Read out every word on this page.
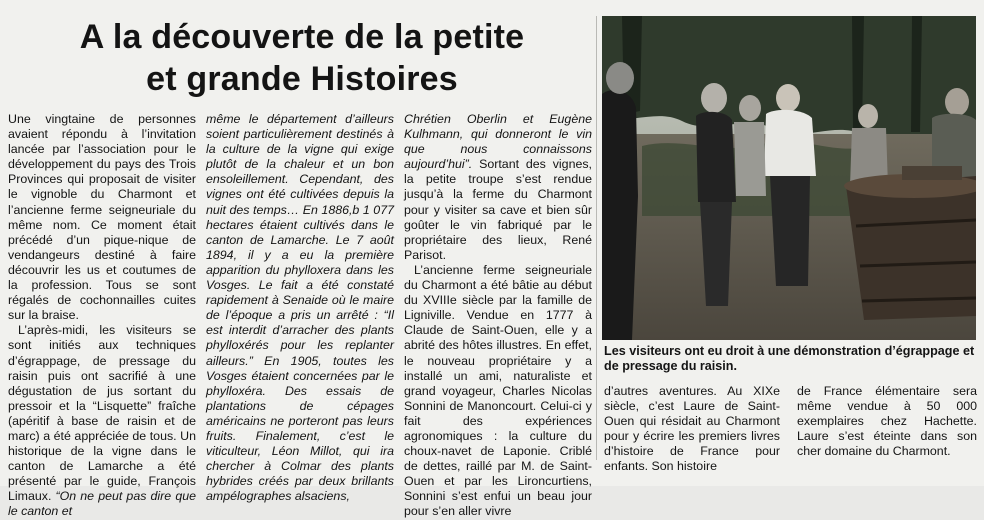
A la découverte de la petite
et grande Histoires

Une vingtaine de personnes avaient répondu à l’invitation lancée par l’association pour le développement du pays des Trois Provinces qui proposait de visiter le vignoble du Charmont et l’ancienne ferme seigneuriale du même nom. Ce moment était précédé d’un pique-nique de vendangeurs destiné à faire découvrir les us et coutumes de la profession. Tous se sont régalés de cochonnailles cuites sur la braise.

L’après-midi, les visiteurs se sont initiés aux techniques d’égrappage, de pressage du raisin puis ont sacrifié à une dégustation de jus sortant du pressoir et la “Lisquette” fraîche (apéritif à base de raisin et de marc) a été appréciée de tous. Un historique de la vigne dans le canton de Lamarche a été présenté par le guide, François Limaux. “On ne peut pas dire que le canton et

même le département d’ailleurs soient particulièrement destinés à la culture de la vigne qui exige plutôt de la chaleur et un bon ensoleillement. Cependant, des vignes ont été cultivées depuis la nuit des temps… En 1886,b 1 077 hectares étaient cultivés dans le canton de Lamarche. Le 7 août 1894, il y a eu la première apparition du phylloxera dans les Vosges. Le fait a été constaté rapidement à Senaide où le maire de l’époque a pris un arrêté : “Il est interdit d’arracher des plants phylloxérés pour les replanter ailleurs.” En 1905, toutes les Vosges étaient concernées par le phylloxéra. Des essais de plantations de cépages américains ne porteront pas leurs fruits. Finalement, c’est le viticulteur, Léon Millot, qui ira chercher à Colmar des plants hybrides créés par deux brillants ampélographes alsaciens,

Chrétien Oberlin et Eugène Kulhmann, qui donneront le vin que nous connaissons aujourd’hui”. Sortant des vignes, la petite troupe s’est rendue jusqu’à la ferme du Charmont pour y visiter sa cave et bien sûr goûter le vin fabriqué par le propriétaire des lieux, René Parisot.

L’ancienne ferme seigneuriale du Charmont a été bâtie au début du XVIIIe siècle par la famille de Ligniville. Vendue en 1777 à Claude de Saint-Ouen, elle y a abrité des hôtes illustres. En effet, le nouveau propriétaire y a installé un ami, naturaliste et grand voyageur, Charles Nicolas Sonnini de Manoncourt. Celui-ci y fait des expériences agronomiques : la culture du choux-navet de Laponie. Criblé de dettes, raillé par M. de Saint-Ouen et par les Lironcurtiens, Sonnini s’est enfui un beau jour pour s’en aller vivre

Les visiteurs ont eu droit à une démonstration d’égrappage et de pressage du raisin.

d’autres aventures. Au XIXe siècle, c’est Laure de Saint-Ouen qui résidait au Charmont pour y écrire les premiers livres d’histoire de France pour enfants. Son histoire

de France élémentaire sera même vendue à 50 000 exemplaires chez Hachette. Laure s’est éteinte dans son cher domaine du Charmont.
